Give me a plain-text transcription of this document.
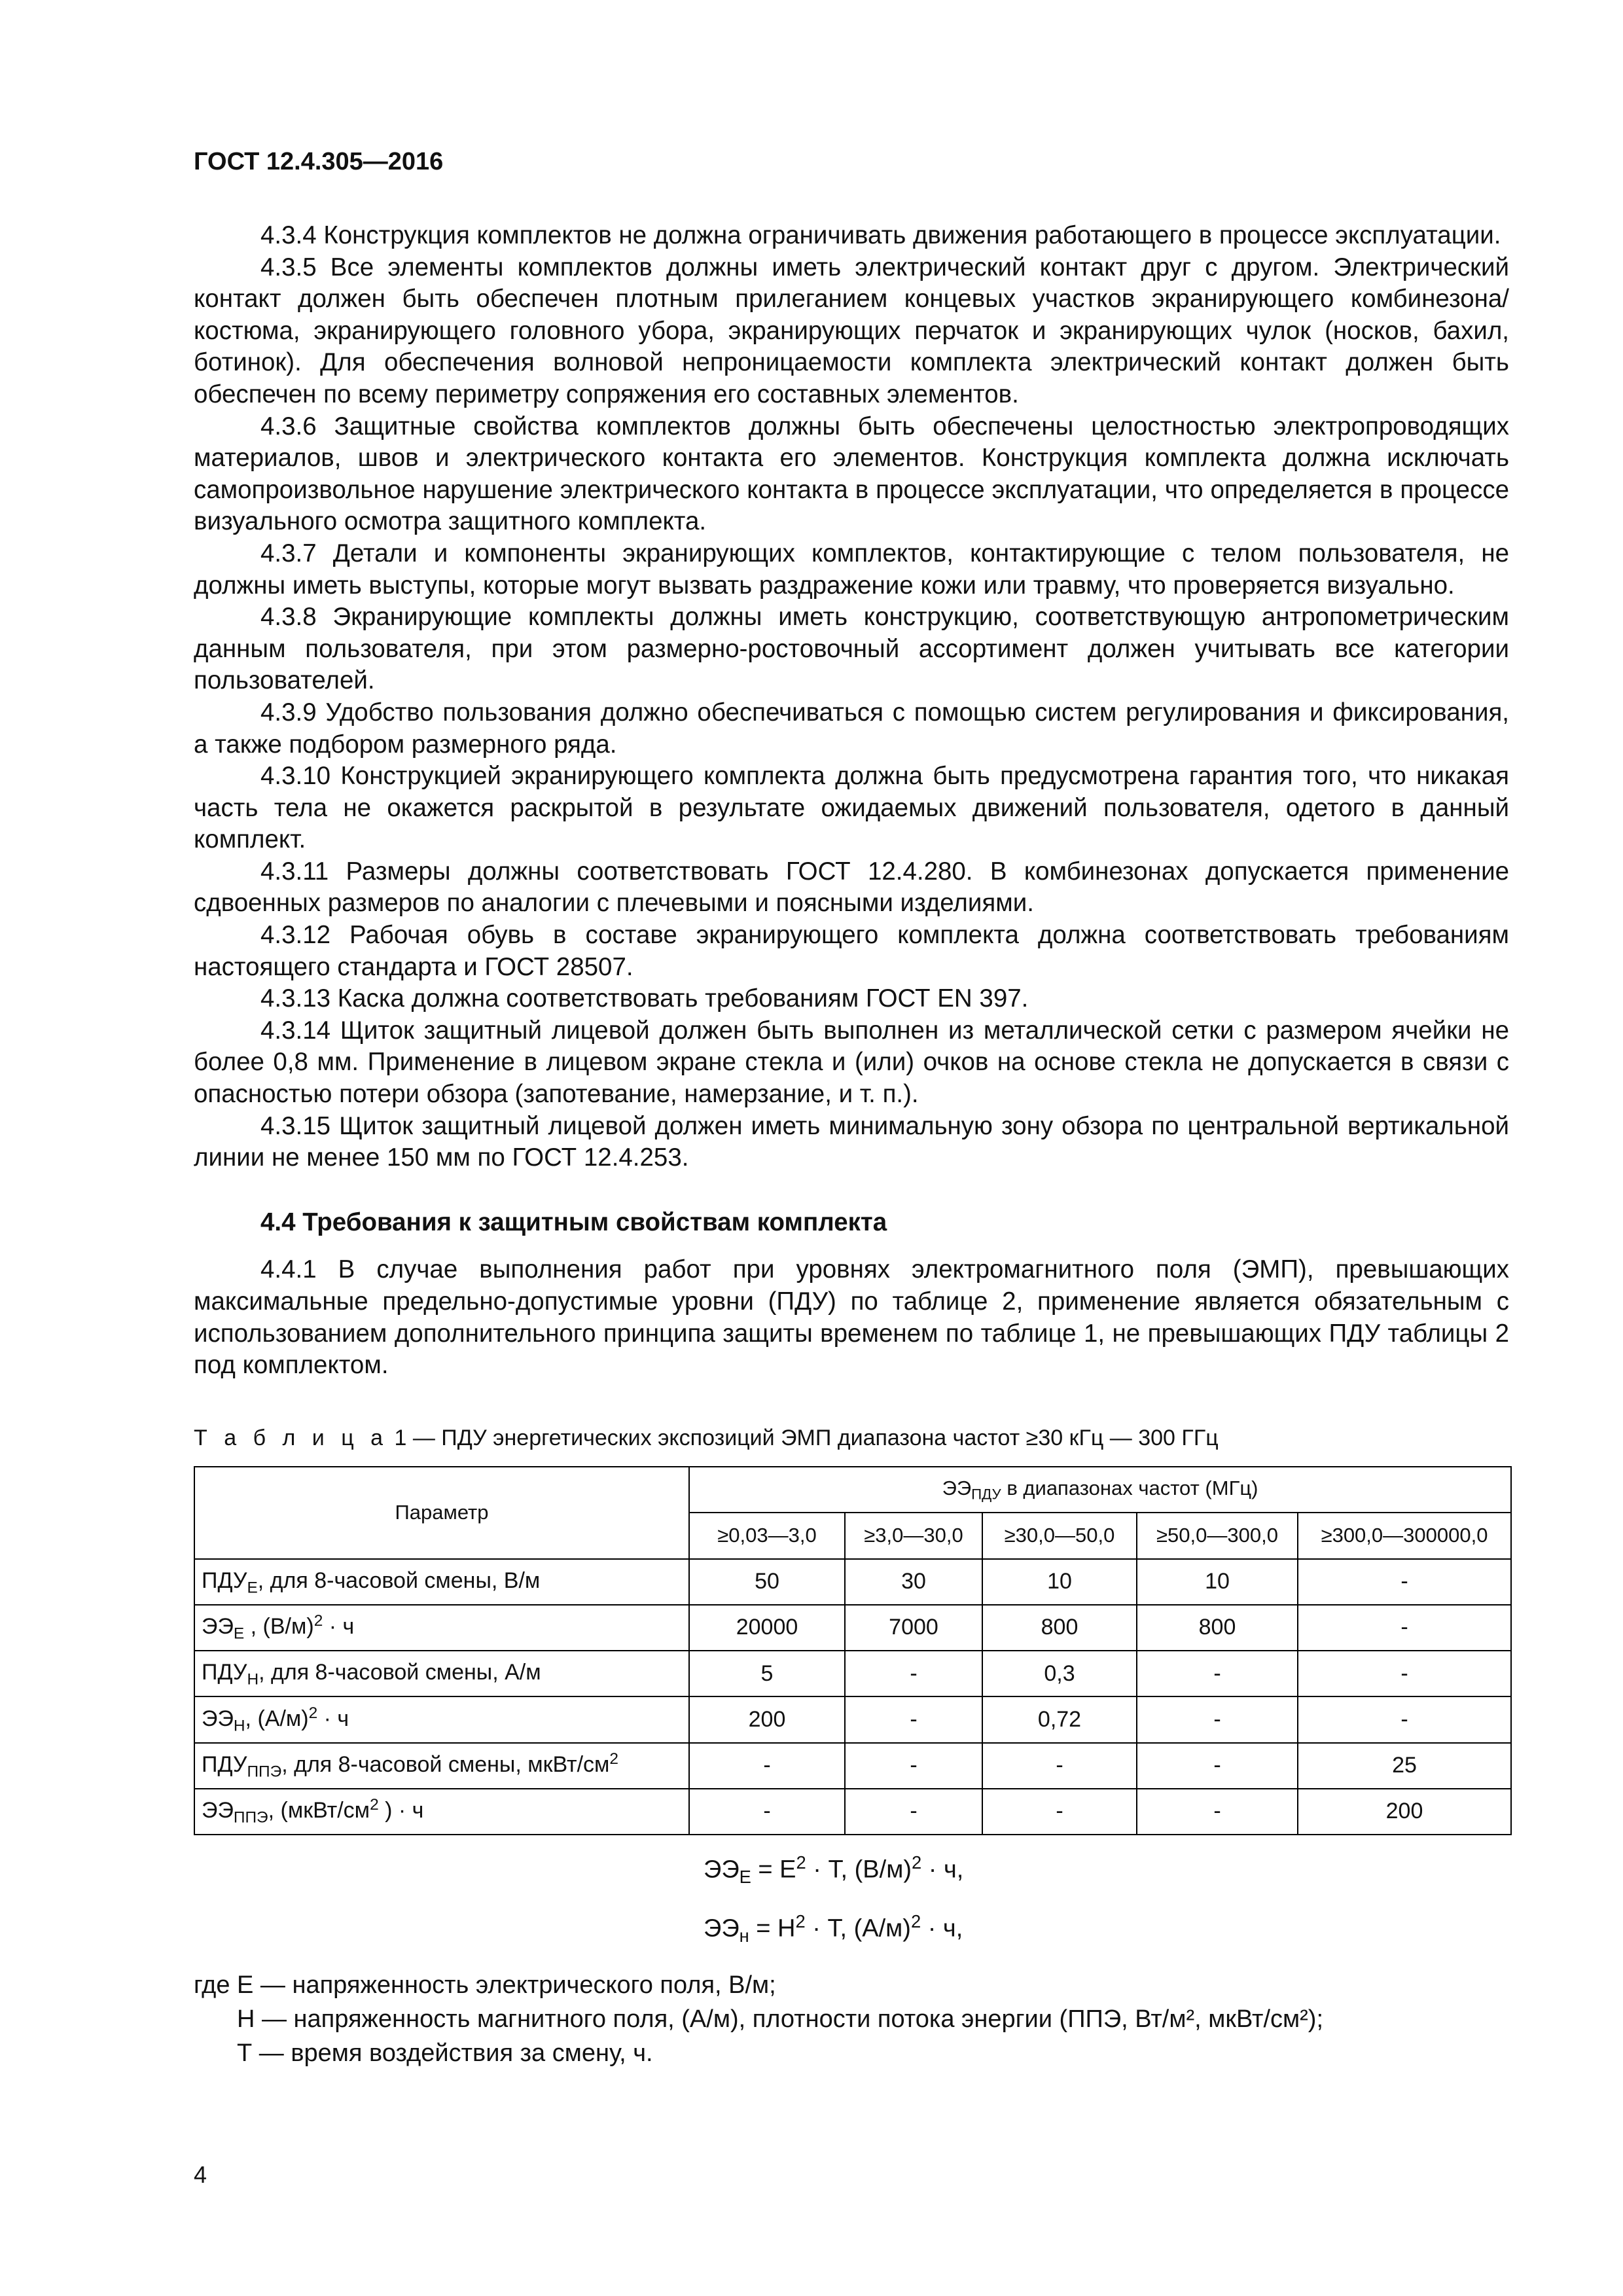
ГОСТ 12.4.305—2016

4.3.4 Конструкция комплектов не должна ограничивать движения работающего в процессе эксплуатации.

4.3.5 Все элементы комплектов должны иметь электрический контакт друг с другом. Электрический контакт должен быть обеспечен плотным прилеганием концевых участков экранирующего комбинезона/костюма, экранирующего головного убора, экранирующих перчаток и экранирующих чулок (носков, бахил, ботинок). Для обеспечения волновой непроницаемости комплекта электрический контакт должен быть обеспечен по всему периметру сопряжения его составных элементов.

4.3.6 Защитные свойства комплектов должны быть обеспечены целостностью электропроводящих материалов, швов и электрического контакта его элементов. Конструкция комплекта должна исключать самопроизвольное нарушение электрического контакта в процессе эксплуатации, что определяется в процессе визуального осмотра защитного комплекта.

4.3.7 Детали и компоненты экранирующих комплектов, контактирующие с телом пользователя, не должны иметь выступы, которые могут вызвать раздражение кожи или травму, что проверяется визуально.

4.3.8 Экранирующие комплекты должны иметь конструкцию, соответствующую антропометрическим данным пользователя, при этом размерно-ростовочный ассортимент должен учитывать все категории пользователей.

4.3.9 Удобство пользования должно обеспечиваться с помощью систем регулирования и фиксирования, а также подбором размерного ряда.

4.3.10 Конструкцией экранирующего комплекта должна быть предусмотрена гарантия того, что никакая часть тела не окажется раскрытой в результате ожидаемых движений пользователя, одетого в данный комплект.

4.3.11 Размеры должны соответствовать ГОСТ 12.4.280. В комбинезонах допускается применение сдвоенных размеров по аналогии с плечевыми и поясными изделиями.

4.3.12 Рабочая обувь в составе экранирующего комплекта должна соответствовать требованиям настоящего стандарта и ГОСТ 28507.

4.3.13 Каска должна соответствовать требованиям ГОСТ EN 397.

4.3.14 Щиток защитный лицевой должен быть выполнен из металлической сетки с размером ячейки не более 0,8 мм. Применение в лицевом экране стекла и (или) очков на основе стекла не допускается в связи с опасностью потери обзора (запотевание, намерзание, и т. п.).

4.3.15 Щиток защитный лицевой должен иметь минимальную зону обзора по центральной вертикальной линии не менее 150 мм по ГОСТ 12.4.253.

4.4 Требования к защитным свойствам комплекта

4.4.1 В случае выполнения работ при уровнях электромагнитного поля (ЭМП), превышающих максимальные предельно-допустимые уровни (ПДУ) по таблице 2, применение является обязательным с использованием дополнительного принципа защиты временем по таблице 1, не превышающих ПДУ таблицы 2 под комплектом.

Т а б л и ц а 1 — ПДУ энергетических экспозиций ЭМП диапазона частот ≥30 кГц — 300 ГГц
Параметр	$ЭЭ_{ПДУ}$ в диапазонах частот (МГц)				
	≥0,03—3,0	≥3,0—30,0	≥30,0—50,0	≥50,0—300,0	≥300,0—300000,0
$ПДУ_Е$, для 8-часовой смены, В/м	50	30	10	10	-
$ЭЭ_Е$ , $(В/м)^2 \cdot ч$	20000	7000	800	800	-
$ПДУ_Н$, для 8-часовой смены, А/м	5	-	0,3	-	-
$ЭЭ_Н$, $(А/м)^2 \cdot ч$	200	-	0,72	-	-
$ПДУ_{ППЭ}$, для 8-часовой смены, мкВт/$см^2$	-	-	-	-	25
$ЭЭ_{ППЭ}$, ($мкВт/см^2$ ) · ч	-	-	-	-	200
$ЭЭ_Е = Е^2 \cdot Т$, $(В/м)^2 \cdot ч$,
$ЭЭ_н = Н^2 \cdot Т$, $(А/м)^2 \cdot ч$,
где Е — напряженность электрического поля, В/м;
Н — напряженность магнитного поля, (А/м), плотности потока энергии (ППЭ, Вт/м², мкВт/см²);
Т — время воздействия за смену, ч.
4
